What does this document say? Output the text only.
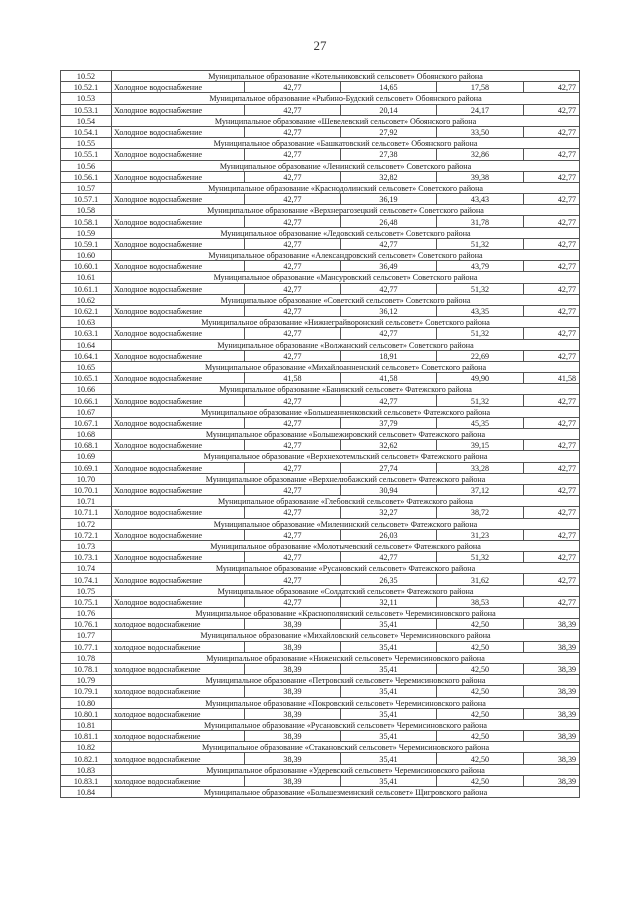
27
10.52	Муниципальное образование «Котельниковский сельсовет» Обоянского района				
10.52.1	Холодное водоснабжение	42,77	14,65	17,58	42,77
10.53	Муниципальное образование «Рыбино-Будский сельсовет» Обоянского района				
10.53.1	Холодное водоснабжение	42,77	20,14	24,17	42,77
10.54	Муниципальное образование «Шевелевский сельсовет» Обоянского района				
10.54.1	Холодное водоснабжение	42,77	27,92	33,50	42,77
10.55	Муниципальное образование «Башкатовский сельсовет» Обоянского района				
10.55.1	Холодное водоснабжение	42,77	27,38	32,86	42,77
10.56	Муниципальное образование «Ленинский сельсовет» Советского района				
10.56.1	Холодное водоснабжение	42,77	32,82	39,38	42,77
10.57	Муниципальное образование «Краснодолинский сельсовет» Советского района				
10.57.1	Холодное водоснабжение	42,77	36,19	43,43	42,77
10.58	Муниципальное образование «Верхнерагозецкий сельсовет» Советского района				
10.58.1	Холодное водоснабжение	42,77	26,48	31,78	42,77
10.59	Муниципальное образование «Ледовский сельсовет» Советского района				
10.59.1	Холодное водоснабжение	42,77	42,77	51,32	42,77
10.60	Муниципальное образование «Александровский сельсовет» Советского района				
10.60.1	Холодное водоснабжение	42,77	36,49	43,79	42,77
10.61	Муниципальное образование «Мансуровский сельсовет» Советского района				
10.61.1	Холодное водоснабжение	42,77	42,77	51,32	42,77
10.62	Муниципальное образование «Советский сельсовет» Советского района				
10.62.1	Холодное водоснабжение	42,77	36,12	43,35	42,77
10.63	Муниципальное образование «Нижнеграйворонский сельсовет» Советского района				
10.63.1	Холодное водоснабжение	42,77	42,77	51,32	42,77
10.64	Муниципальное образование «Волжанский сельсовет» Советского района				
10.64.1	Холодное водоснабжение	42,77	18,91	22,69	42,77
10.65	Муниципальное образование «Михайлоанненский сельсовет» Советского района				
10.65.1	Холодное водоснабжение	41,58	41,58	49,90	41,58
10.66	Муниципальное образование «Банинский сельсовет» Фатежского района				
10.66.1	Холодное водоснабжение	42,77	42,77	51,32	42,77
10.67	Муниципальное образование «Большеанненковский сельсовет» Фатежского района				
10.67.1	Холодное водоснабжение	42,77	37,79	45,35	42,77
10.68	Муниципальное образование «Большежировский сельсовет» Фатежского района				
10.68.1	Холодное водоснабжение	42,77	32,62	39,15	42,77
10.69	Муниципальное образование «Верхнехотемльский сельсовет» Фатежского района				
10.69.1	Холодное водоснабжение	42,77	27,74	33,28	42,77
10.70	Муниципальное образование «Верхнелюбажский сельсовет» Фатежского района				
10.70.1	Холодное водоснабжение	42,77	30,94	37,12	42,77
10.71	Муниципальное образование «Глебовский сельсовет» Фатежского района				
10.71.1	Холодное водоснабжение	42,77	32,27	38,72	42,77
10.72	Муниципальное образование «Миленинский сельсовет» Фатежского района				
10.72.1	Холодное водоснабжение	42,77	26,03	31,23	42,77
10.73	Муниципальное образование «Молотычевский сельсовет» Фатежского района				
10.73.1	Холодное водоснабжение	42,77	42,77	51,32	42,77
10.74	Муниципальное образование «Русановский сельсовет» Фатежского района				
10.74.1	Холодное водоснабжение	42,77	26,35	31,62	42,77
10.75	Муниципальное образование «Солдатский сельсовет» Фатежского района				
10.75.1	Холодное водоснабжение	42,77	32,11	38,53	42,77
10.76	Муниципальное образование «Краснополянский сельсовет» Черемисиновского района				
10.76.1	холодное водоснабжение	38,39	35,41	42,50	38,39
10.77	Муниципальное образование «Михайловский сельсовет» Черемисиновского района				
10.77.1	холодное водоснабжение	38,39	35,41	42,50	38,39
10.78	Муниципальное образование «Ниженский сельсовет» Черемисиновского района				
10.78.1	холодное водоснабжение	38,39	35,41	42,50	38,39
10.79	Муниципальное образование «Петровский сельсовет» Черемисиновского района				
10.79.1	холодное водоснабжение	38,39	35,41	42,50	38,39
10.80	Муниципальное образование «Покровский сельсовет» Черемисиновского района				
10.80.1	холодное водоснабжение	38,39	35,41	42,50	38,39
10.81	Муниципальное образование «Русановский сельсовет» Черемисиновского района				
10.81.1	холодное водоснабжение	38,39	35,41	42,50	38,39
10.82	Муниципальное образование «Стакановский сельсовет» Черемисиновского района				
10.82.1	холодное водоснабжение	38,39	35,41	42,50	38,39
10.83	Муниципальное образование «Удеревский сельсовет» Черемисиновского района				
10.83.1	холодное водоснабжение	38,39	35,41	42,50	38,39
10.84	Муниципальное образование «Большезмеинский сельсовет» Щигровского района				
